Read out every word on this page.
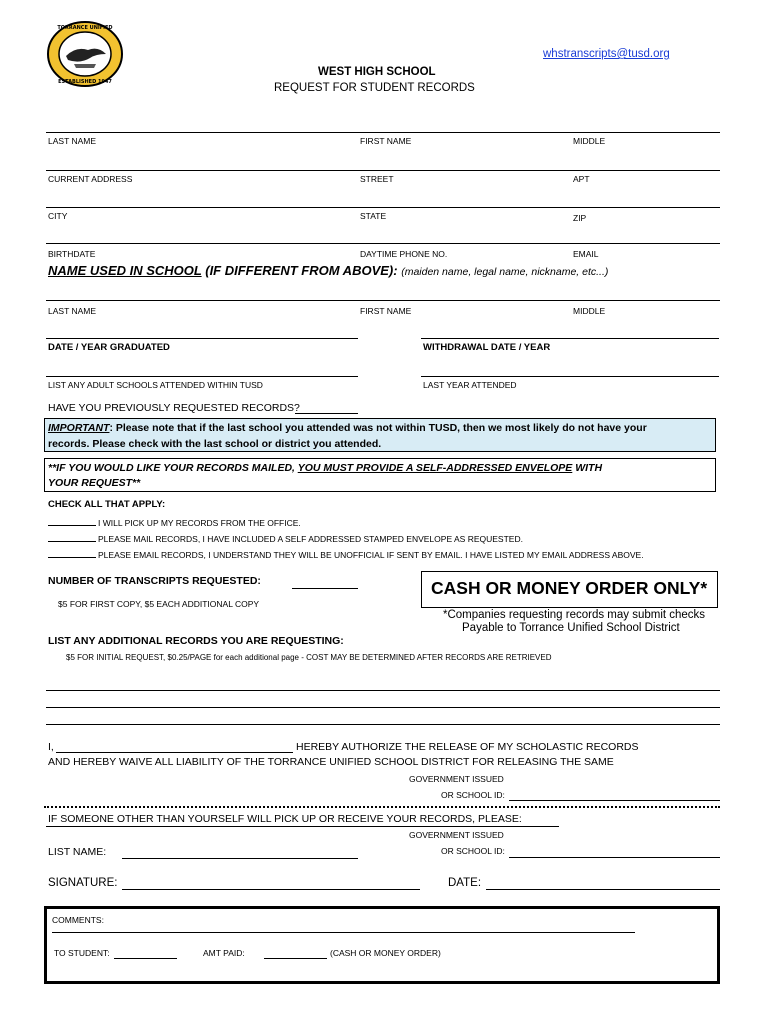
TORRANCE UNIFIED
ESTABLISHED 1947
whstranscripts@tusd.org
WEST HIGH SCHOOL
REQUEST FOR STUDENT RECORDS
LAST NAME	FIRST NAME	MIDDLE
CURRENT ADDRESS	STREET	APT
CITY	STATE	ZIP
BIRTHDATE	DAYTIME PHONE NO.	EMAIL
NAME USED IN SCHOOL (IF DIFFERENT FROM ABOVE): (maiden name, legal name, nickname, etc...)
LAST NAME	FIRST NAME	MIDDLE
DATE / YEAR GRADUATED	WITHDRAWAL DATE / YEAR
LIST ANY ADULT SCHOOLS ATTENDED WITHIN TUSD	LAST YEAR ATTENDED
HAVE YOU PREVIOUSLY REQUESTED RECORDS?
IMPORTANT: Please note that if the last school you attended was not within TUSD, then we most likely do not have your
records. Please check with the last school or district you attended.
**IF YOU WOULD LIKE YOUR RECORDS MAILED, YOU MUST PROVIDE A SELF-ADDRESSED ENVELOPE WITH
YOUR REQUEST**
CHECK ALL THAT APPLY:
I WILL PICK UP MY RECORDS FROM THE OFFICE.
PLEASE MAIL RECORDS, I HAVE INCLUDED A SELF ADDRESSED STAMPED ENVELOPE AS REQUESTED.
PLEASE EMAIL RECORDS, I UNDERSTAND THEY WILL BE UNOFFICIAL IF SENT BY EMAIL. I HAVE LISTED MY EMAIL ADDRESS ABOVE.
NUMBER OF TRANSCRIPTS REQUESTED:
$5 FOR FIRST COPY, $5 EACH ADDITIONAL COPY
CASH OR MONEY ORDER ONLY*
*Companies requesting records may submit checks
Payable to Torrance Unified School District
LIST ANY ADDITIONAL RECORDS YOU ARE REQUESTING:
$5 FOR INITIAL REQUEST, $0.25/PAGE for each additional page - COST MAY BE DETERMINED AFTER RECORDS ARE RETRIEVED
I,	HEREBY AUTHORIZE THE RELEASE OF MY SCHOLASTIC RECORDS
AND HEREBY WAIVE ALL LIABILITY OF THE TORRANCE UNIFIED SCHOOL DISTRICT FOR RELEASING THE SAME
GOVERNMENT ISSUED
OR SCHOOL ID:
IF SOMEONE OTHER THAN YOURSELF WILL PICK UP OR RECEIVE YOUR RECORDS, PLEASE:
GOVERNMENT ISSUED
OR SCHOOL ID:
LIST NAME:
SIGNATURE:	DATE:
COMMENTS:
TO STUDENT:	AMT PAID:	(CASH OR MONEY ORDER)
